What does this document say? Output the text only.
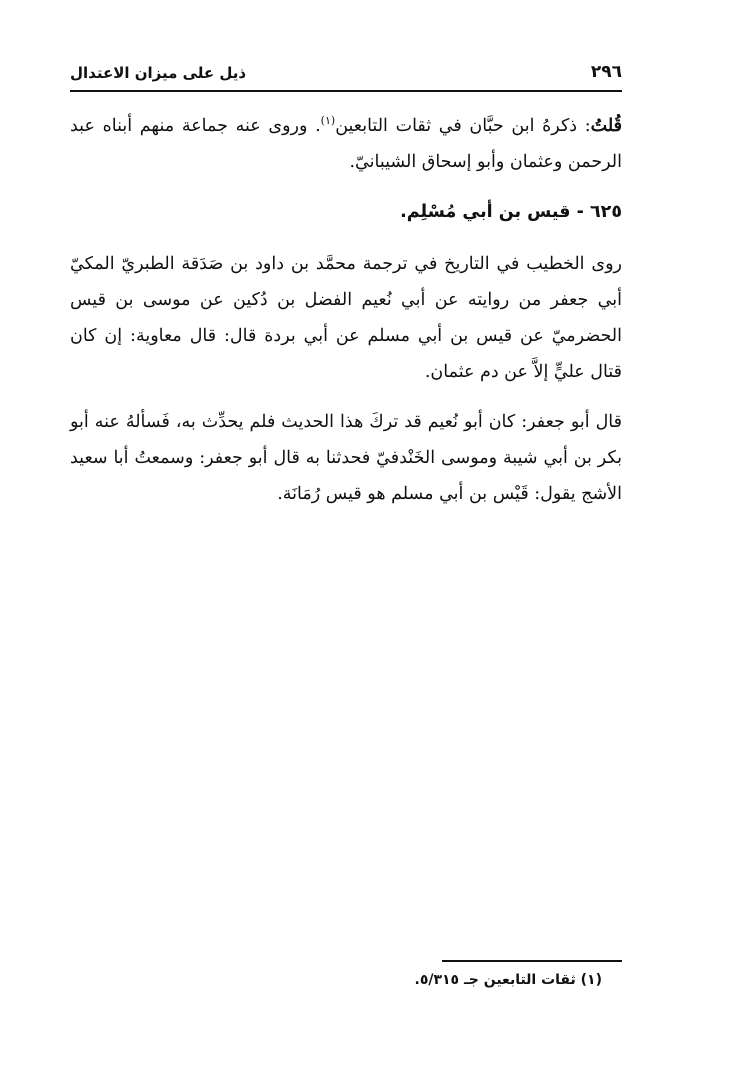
٢٩٦
ذيل على ميزان الاعتدال

قُلتُ: ذكرهُ ابن حبَّان في ثقات التابعين$^{(١)}$. وروى عنه جماعة منهم أبناه عبد الرحمن وعثمان وأبو إسحاق الشيبانيّ.

٦٢٥ - قيس بن أبي مُسْلِم.

روى الخطيب في التاريخ في ترجمة محمَّد بن داود بن صَدَقة الطبريّ المكيّ أبي جعفر من روايته عن أبي نُعيم الفضل بن دُكين عن موسى بن قيس الحضرميّ عن قيس بن أبي مسلم عن أبي بردة قال: قال معاوية: إن كان قتال عليٍّ إلاَّ عن دم عثمان.

قال أبو جعفر: كان أبو نُعيم قد تركَ هذا الحديث فلم يحدِّث به، فَسألهُ عنه أبو بكر بن أبي شيبة وموسى الخَنْدفيّ فحدثنا به قال أبو جعفر: وسمعتُ أبا سعيد الأشج يقول: قَيْس بن أبي مسلم هو قيس رُمَانَة.

(١) ثقات التابعين جـ ٥/٣١٥.
